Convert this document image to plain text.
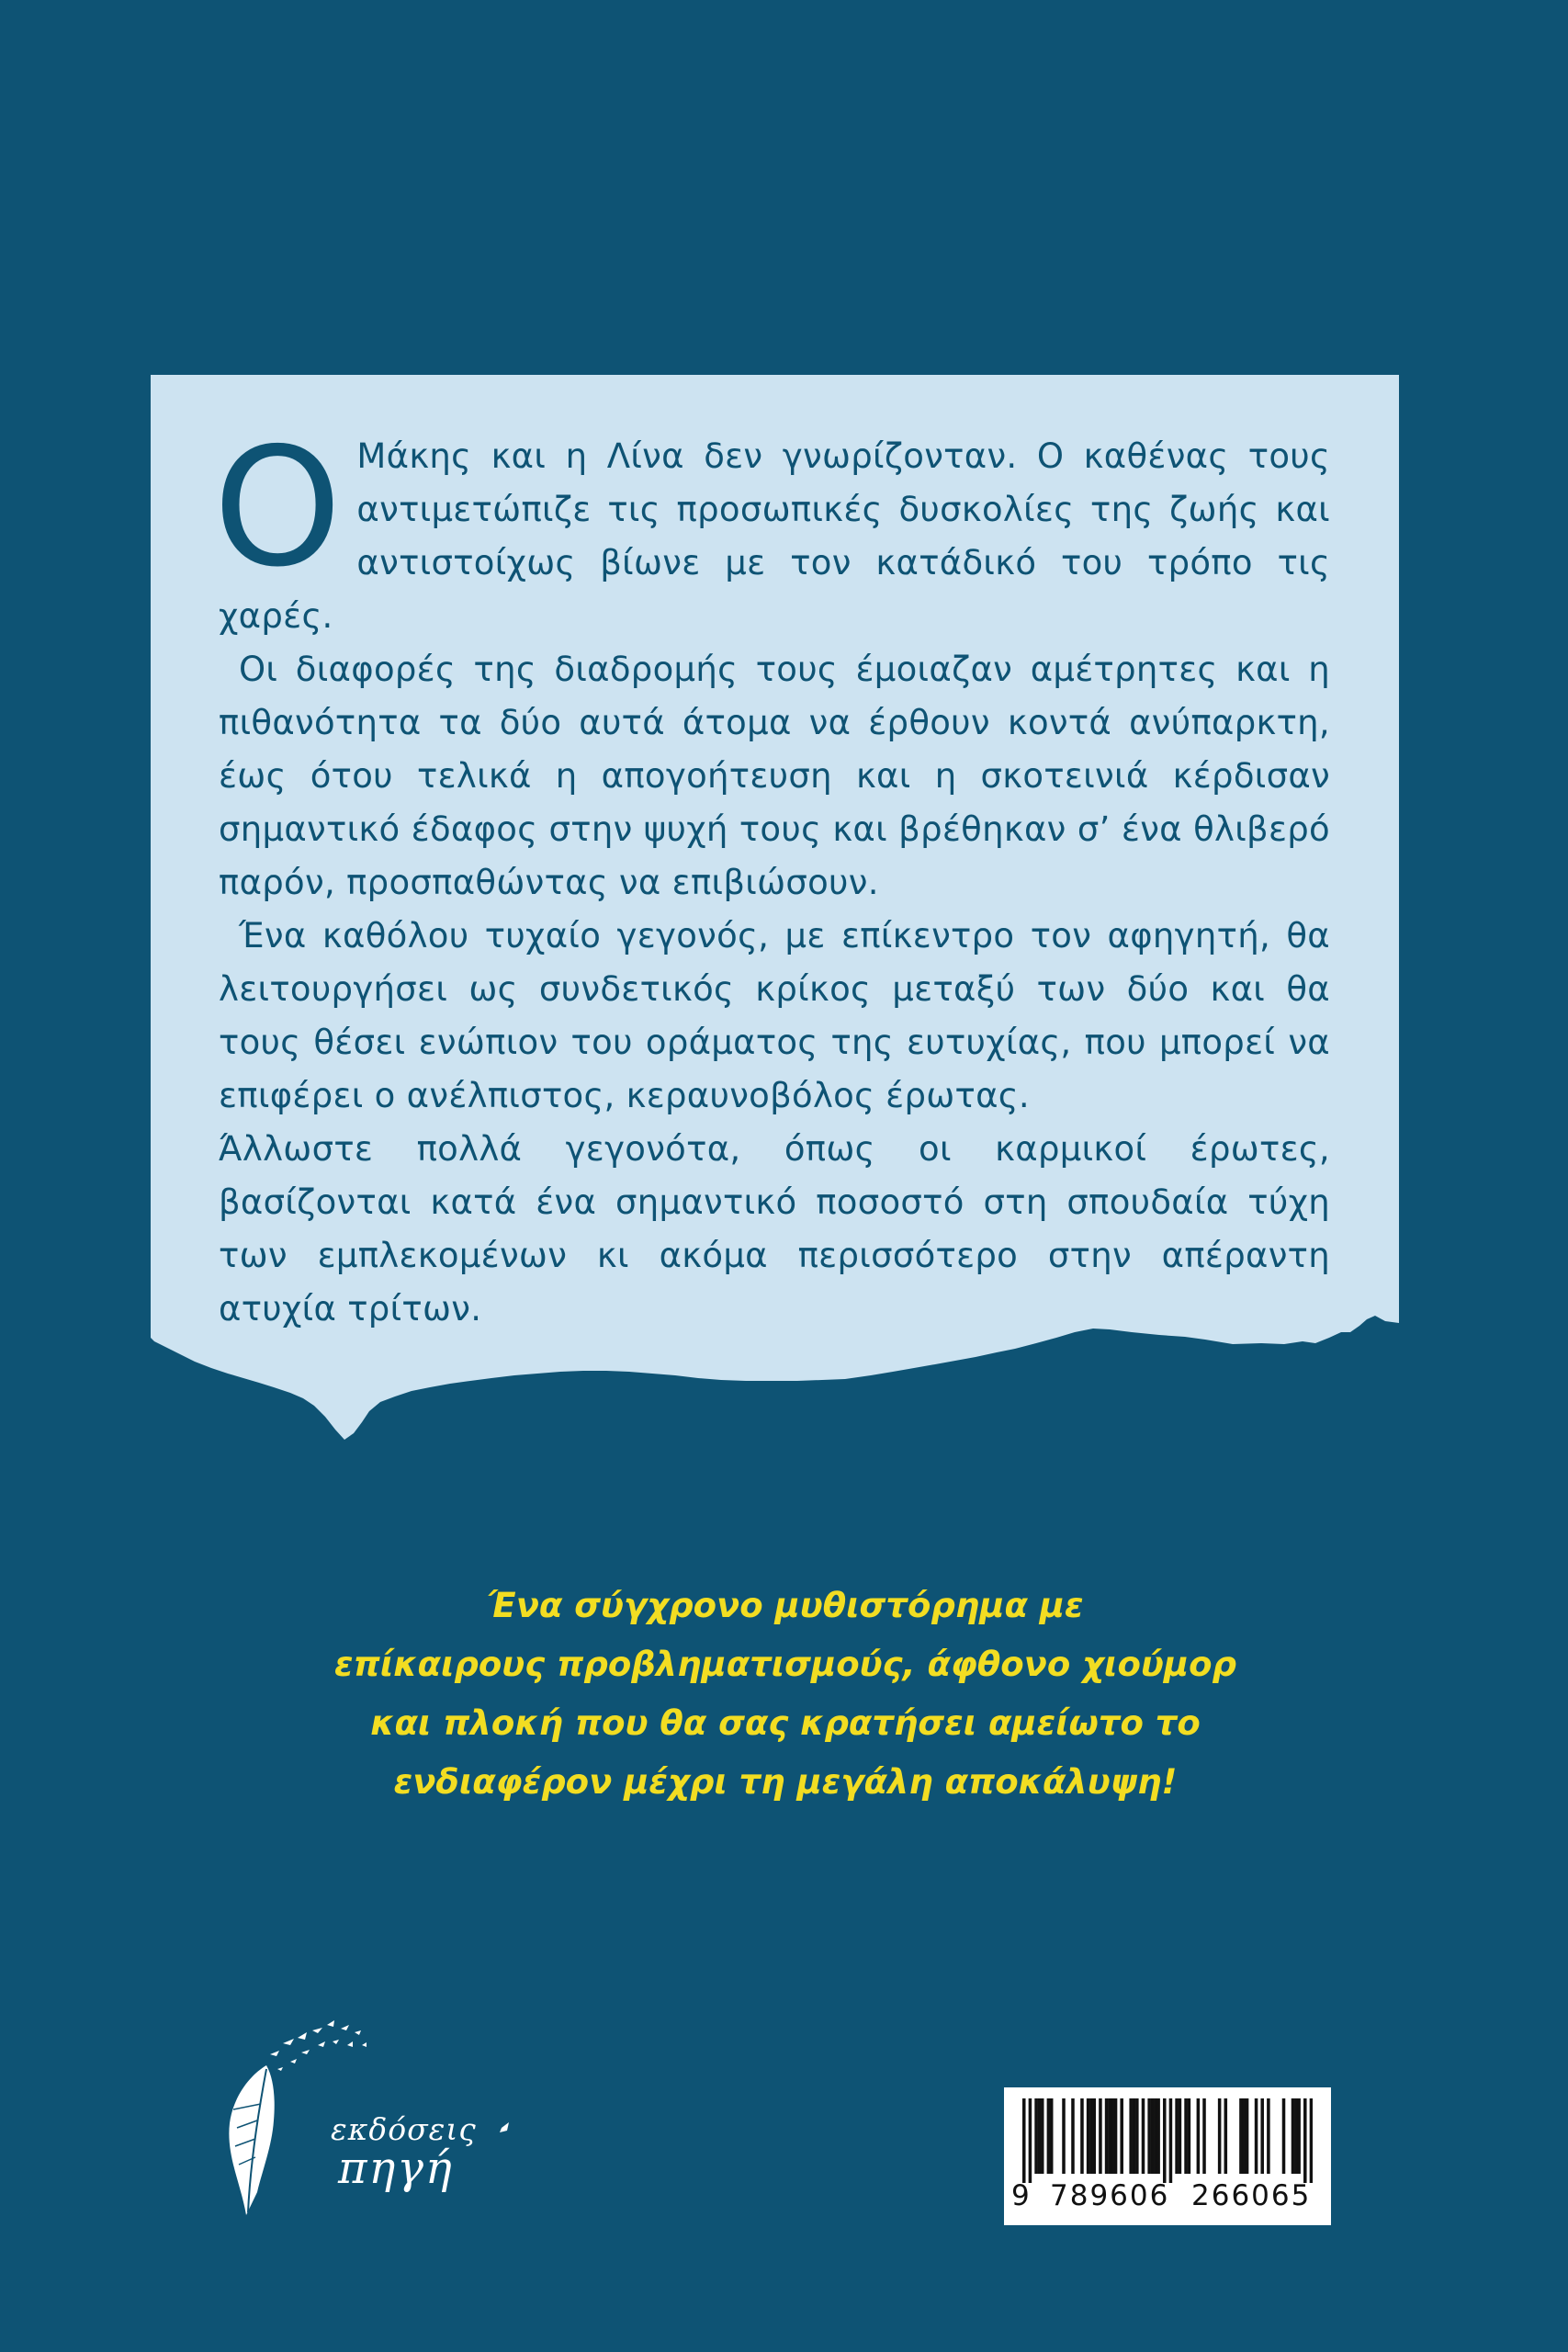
Ο Μάκης και η Λίνα δεν γνωρίζονταν. Ο καθένας τους αντιμετώπιζε τις προσωπικές δυσκολίες της ζωής και αντιστοίχως βίωνε με τον κατάδικό του τρόπο τις χαρές.

Οι διαφορές της διαδρομής τους έμοιαζαν αμέτρητες και η πιθανότητα τα δύο αυτά άτομα να έρθουν κοντά ανύπαρκτη, έως ότου τελικά η απογοήτευση και η σκοτεινιά κέρδισαν σημαντικό έδαφος στην ψυχή τους και βρέθηκαν σ’ ένα θλιβερό παρόν, προσπαθώντας να επιβιώσουν.

Ένα καθόλου τυχαίο γεγονός, με επίκεντρο τον αφηγητή, θα λειτουργήσει ως συνδετικός κρίκος μεταξύ των δύο και θα τους θέσει ενώπιον του οράματος της ευτυχίας, που μπορεί να επιφέρει ο ανέλπιστος, κεραυνοβόλος έρωτας.

Άλλωστε πολλά γεγονότα, όπως οι καρμικοί έρωτες, βασίζονται κατά ένα σημαντικό ποσοστό στη σπουδαία τύχη των εμπλεκομένων κι ακόμα περισσότερο στην απέραντη ατυχία τρίτων.

Ένα σύγχρονο μυθιστόρημα με
επίκαιρους προβληματισμούς, άφθονο χιούμορ
και πλοκή που θα σας κρατήσει αμείωτο το
ενδιαφέρον μέχρι τη μεγάλη αποκάλυψη!
εκδόσεις
πηγή
9 789606 266065
